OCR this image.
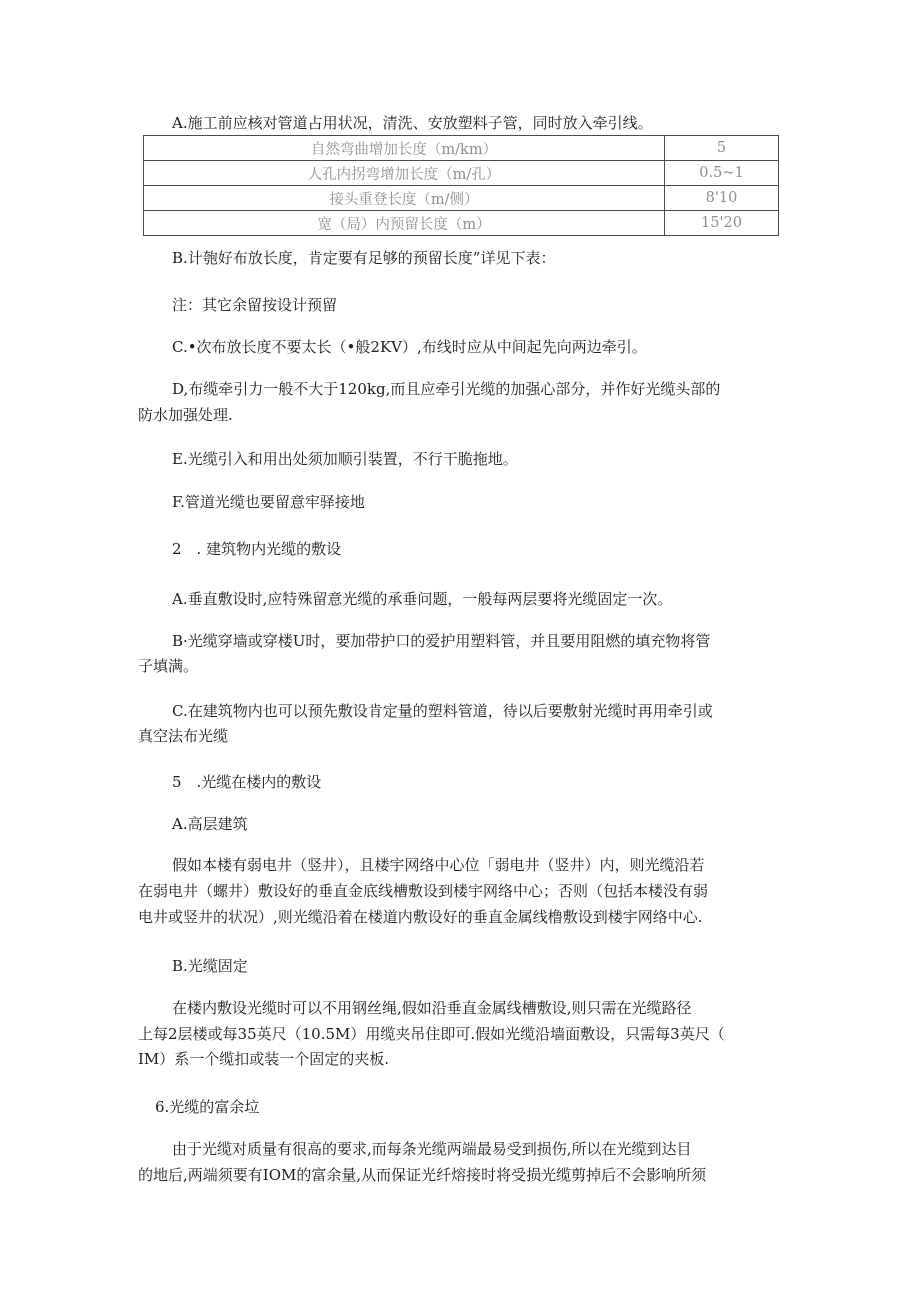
A.施工前应核对管道占用状况，清洗、安放塑料子管，同时放入牵引线。
自然弯曲增加长度（m/km）	5
人孔内拐弯增加长度（m/孔）	0.5~1
接头重登长度（m/侧）	8'10
宽（局）内预留长度（m）	15'20
B.计匏好布放长度，肯定要有足够的预留长度”详见下表：
注：其它余留按设计预留
C.•次布放长度不要太长（•般2KV）,布线时应从中间起先向两边牵引。
D,布缆牵引力一般不大于120kg,而且应牵引光缆的加强心部分，并作好光缆头部的
防水加强处理.
E.光缆引入和用出处须加顺引装置，不行干脆拖地。
F.管道光缆也要留意牢驿接地
2　. 建筑物内光缆的敷设
A.垂直敷设时,应特殊留意光缆的承垂问题，一般每两层要将光缆固定一次。
B·光缆穿墙或穿楼U时，要加带护口的爱护用塑料管，并且要用阻燃的填充物将管
子填满。
C.在建筑物内也可以预先敷设肯定量的塑料管道，待以后要敷射光缆时再用牵引或
真空法布光缆
5　.光缆在楼内的敷设
A.高层建筑
假如本楼有弱电井（竖井），且楼宇网络中心位「弱电井（竖井）内，则光缆沿若
在弱电井（螺井）敷设好的垂直金底线槽敷设到楼宇网络中心；否则（包括本楼没有弱
电井或竖井的状况）,则光缆沿着在楼道内敷设好的垂直金属线橹敷设到楼宇网络中心.
B.光缆固定
在楼内敷设光缆时可以不用钢丝绳,假如沿垂直金属线槽敷设,则只需在光缆路径
上每2层楼或每35英尺（10.5M）用缆夹吊住即可.假如光缆沿墙面敷设，只需每3英尺（
IM）系一个缆扣或装一个固定的夹板.
6.光缆的富余垃
由于光缆对质量有很高的要求,而每条光缆两端最易受到损伤,所以在光缆到达目
的地后,两端须要有IOM的富余量,从而保证光纤熔接时将受损光缆剪掉后不会影响所须
